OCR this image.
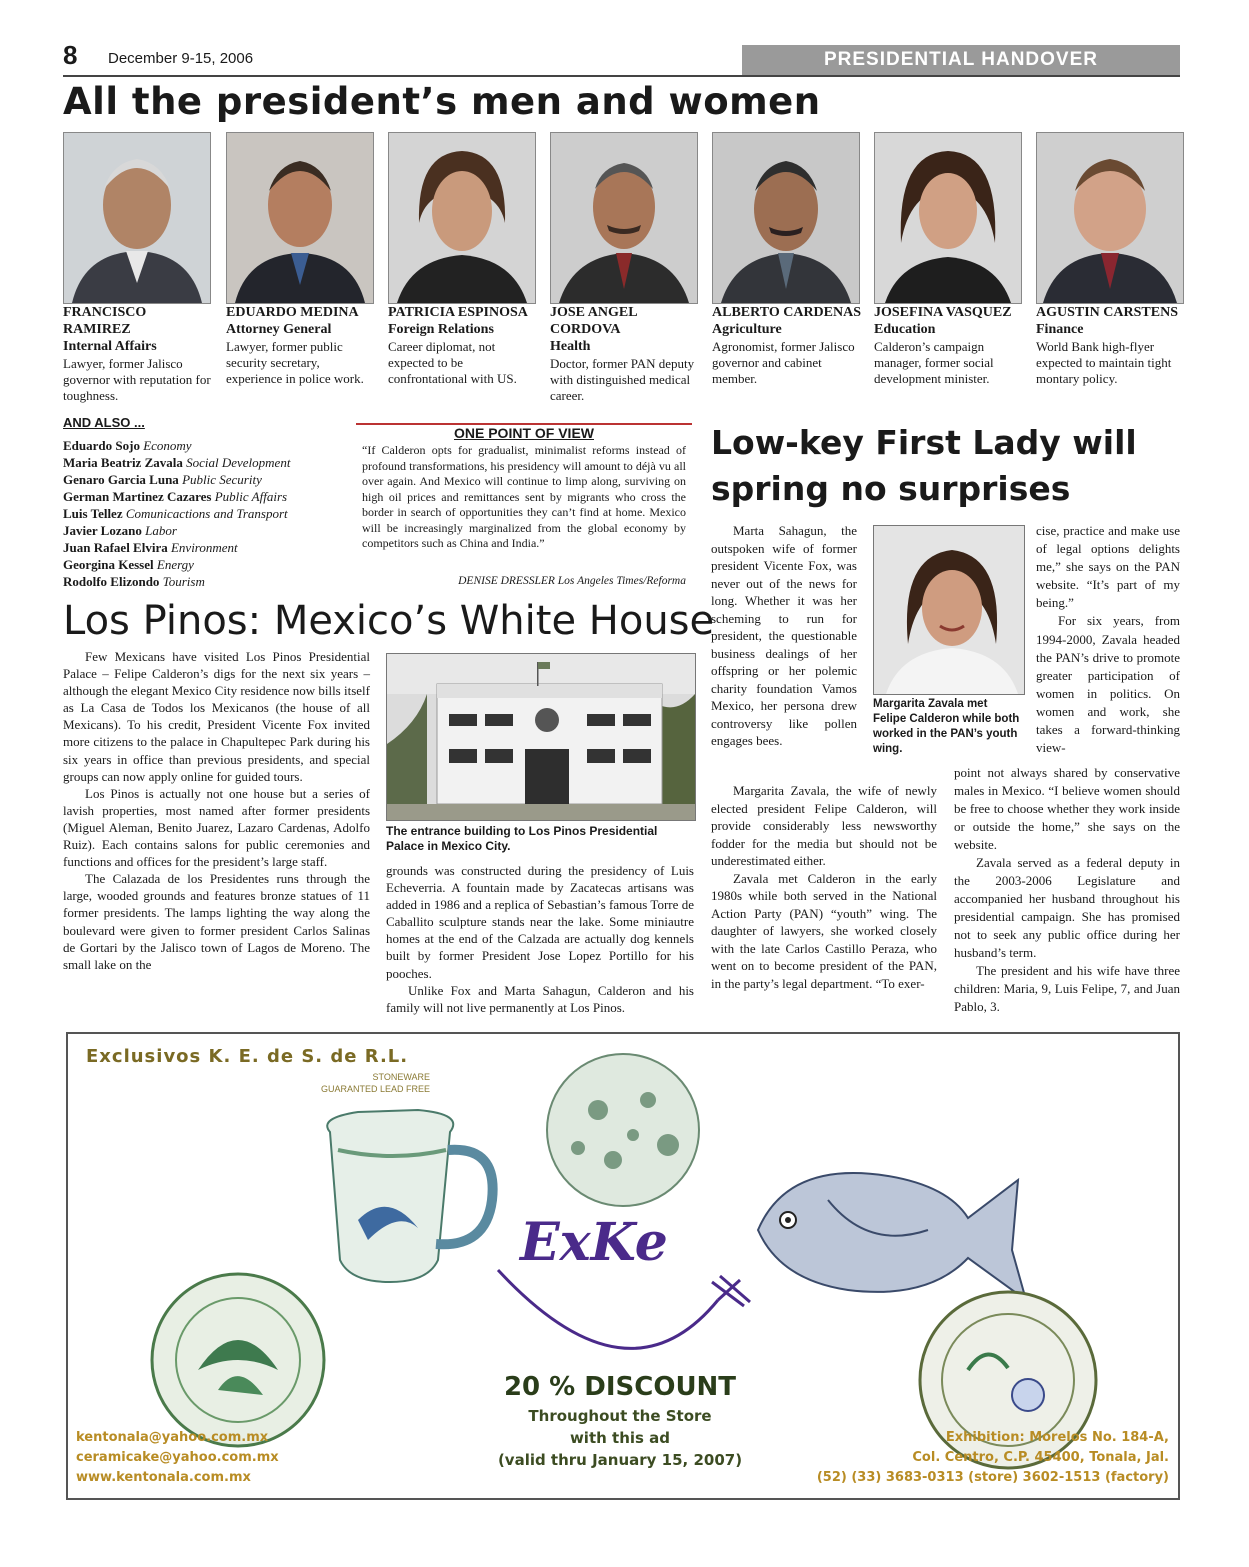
8 December 9-15, 2006	PRESIDENTIAL HANDOVER
All the president’s men and women
FRANCISCO RAMIREZ
Internal Affairs
Lawyer, former Jalisco governor with reputation for toughness.
EDUARDO MEDINA
Attorney General
Lawyer, former public security secretary, experience in police work.
PATRICIA ESPINOSA
Foreign Relations
Career diplomat, not expected to be confrontational with US.
JOSE ANGEL CORDOVA
Health
Doctor, former PAN deputy with distinguished medical career.
ALBERTO CARDENAS
Agriculture
Agronomist, former Jalisco governor and cabinet member.
JOSEFINA VASQUEZ
Education
Calderon’s campaign manager, former social development minister.
AGUSTIN CARSTENS
Finance
World Bank high-flyer expected to maintain tight montary policy.
AND ALSO ...
Eduardo Sojo Economy
Maria Beatriz Zavala Social Development
Genaro Garcia Luna Public Security
German Martinez Cazares Public Affairs
Luis Tellez Comunicactions and Transport
Javier Lozano Labor
Juan Rafael Elvira Environment
Georgina Kessel Energy
Rodolfo Elizondo Tourism
ONE POINT OF VIEW
“If Calderon opts for gradualist, minimalist reforms instead of profound transformations, his presidency will amount to déjà vu all over again. And Mexico will continue to limp along, surviving on high oil prices and remittances sent by migrants who cross the border in search of opportunities they can’t find at home. Mexico will be increasingly marginalized from the global economy by competitors such as China and India.”
DENISE DRESSLER Los Angeles Times/Reforma
Low-key First Lady will spring no surprises
Los Pinos: Mexico’s White House

Few Mexicans have visited Los Pinos Presidential Palace – Felipe Calderon’s digs for the next six years – although the elegant Mexico City residence now bills itself as La Casa de Todos los Mexicanos (the house of all Mexicans). To his credit, President Vicente Fox invited more citizens to the palace in Chapultepec Park during his six years in office than previous presidents, and special groups can now apply online for guided tours.

Los Pinos is actually not one house but a series of lavish properties, most named after former presidents (Miguel Aleman, Benito Juarez, Lazaro Cardenas, Adolfo Ruiz). Each contains salons for public ceremonies and functions and offices for the president’s large staff.

The Calazada de los Presidentes runs through the large, wooded grounds and features bronze statues of 11 former presidents. The lamps lighting the way along the boulevard were given to former president Carlos Salinas de Gortari by the Jalisco town of Lagos de Moreno. The small lake on the

The entrance building to Los Pinos Presidential Palace in Mexico City.

grounds was constructed during the presidency of Luis Echeverria. A fountain made by Zacatecas artisans was added in 1986 and a replica of Sebastian’s famous Torre de Caballito sculpture stands near the lake. Some miniautre homes at the end of the Calzada are actually dog kennels built by former President Jose Lopez Portillo for his pooches.

Unlike Fox and Marta Sahagun, Calderon and his family will not live permanently at Los Pinos.

Margarita Zavala met Felipe Calderon while both worked in the PAN’s youth wing.

Marta Sahagun, the outspoken wife of former president Vicente Fox, was never out of the news for long. Whether it was her scheming to run for president, the questionable business dealings of her offspring or her polemic charity foundation Vamos Mexico, her persona drew controversy like pollen engages bees.

Margarita Zavala, the wife of newly elected president Felipe Calderon, will provide considerably less newsworthy fodder for the media but should not be underestimated either.

Zavala met Calderon in the early 1980s while both served in the National Action Party (PAN) “youth” wing. The daughter of lawyers, she worked closely with the late Carlos Castillo Peraza, who went on to become president of the PAN, in the party’s legal department. “To exer-

cise, practice and make use of legal options delights me,” she says on the PAN website. “It’s part of my being.”

For six years, from 1994-2000, Zavala headed the PAN’s drive to promote greater participation of women in politics. On women and work, she takes a forward-thinking view-

point not always shared by conservative males in Mexico. “I believe women should be free to choose whether they work inside or outside the home,” she says on the website.

Zavala served as a federal deputy in the 2003-2006 Legislature and accompanied her husband throughout his presidential campaign. She has promised not to seek any public office during her husband’s term.

The president and his wife have three children: Maria, 9, Luis Felipe, 7, and Juan Pablo, 3.

ExKe
Exclusivos K. E. de S. de R.L.
STONEWARE
GUARANTED LEAD FREE
20 % DISCOUNT
Throughout the Store
with this ad
(valid thru January 15, 2007)
kentonala@yahoo.com.mx
ceramicake@yahoo.com.mx
www.kentonala.com.mx
Exhibition: Morelos No. 184-A,
Col. Centro, C.P. 45400, Tonala, Jal.
(52) (33) 3683-0313 (store) 3602-1513 (factory)
